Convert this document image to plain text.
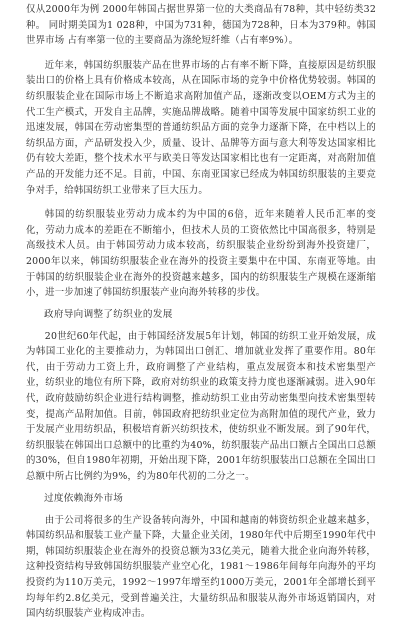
仅从2000年为例 2000年韩国占据世界第一位的大类商品有78种，其中轻纺类32种。 同时期美国为1 028种，中国为731种，德国为728种，日本为379种。韩国世界市场 占有率第一位的主要商品为涤纶短纤维（占有率9%）。

近年来，韩国纺织服装产品在世界市场的占有率不断下降，直接原因是纺织服装出口的价格上具有价格成本较高，从在国际市场的竞争中价格优势较弱。韩国的纺织服装企业在国际市场上不断追求高附加值产品，逐渐改变以OEM方式为主的代工生产模式，开发自主品牌，实施品牌战略。随着中国等发展中国家纺织工业的迅速发展，韩国在劳动密集型的普通纺织品方面的竞争力逐渐下降，在中档以上的纺织品方面，产品研发投入少，质量、设计、品牌等方面与意大利等发达国家相比仍有较大差距，整个技术水平与欧美日等发达国家相比也有一定距离，对高附加值产品的开发能力还不足。目前，中国、东南亚国家已经成为韩国纺织服装的主要竞争对手，给韩国纺织工业带来了巨大压力。

韩国的纺织服装业劳动力成本约为中国的6倍，近年来随着人民币汇率的变化，劳动力成本的差距在不断缩小，但技术人员的工资依然比中国高很多，特别是高级技术人员。由于韩国劳动力成本较高，纺织服装企业纷纷到海外投资建厂，2000年以来，韩国纺织服装企业在海外的投资主要集中在中国、东南亚等地。由于韩国的纺织服装企业在海外的投资越来越多，国内的纺织服装生产规模在逐渐缩小，进一步加速了韩国纺织服装产业向海外转移的步伐。

政府导向调整了纺织业的发展

20世纪60年代起，由于韩国经济发展5年计划，韩国的纺织工业开始发展，成为韩国工业化的主要推动力，为韩国出口创汇、增加就业发挥了重要作用。80年代，由于劳动力工资上升，政府调整了产业结构，重点发展资本和技术密集型产业，纺织业的地位有所下降，政府对纺织业的政策支持力度也逐渐减弱。进入90年代，政府鼓励纺织企业进行结构调整，推动纺织工业由劳动密集型向技术密集型转变，提高产品附加值。目前，韩国政府把纺织业定位为高附加值的现代产业，致力于发展产业用纺织品，积极培育新兴纺织技术，使纺织业不断发展。到了90年代，纺织服装在韩国出口总额中的比重约为40%，纺织服装产品出口额占全国出口总额的30%，但自1980年初期，开始出现下降，2001年纺织服装出口总额在全国出口总额中所占比例约为9%，约为80年代初的二分之一。

过度依赖海外市场

由于公司将很多的生产设备转向海外，中国和越南的韩资纺织企业越来越多，韩国纺织品和服装工业产量下降，大量企业关闭，1980年代中后期至1990年代中期，韩国纺织服装企业在海外的投资总额为33亿美元，随着大批企业向海外转移，这种投资结构导致韩国纺织服装产业空心化，1981～1986年间每年向海外的平均投资约为110万美元，1992～1997年增至约1000万美元，2001年全部增长到平均每年约2.8亿美元，受到普遍关注，大量纺织品和服装从海外市场返销国内，对国内纺织服装产业构成冲击。
